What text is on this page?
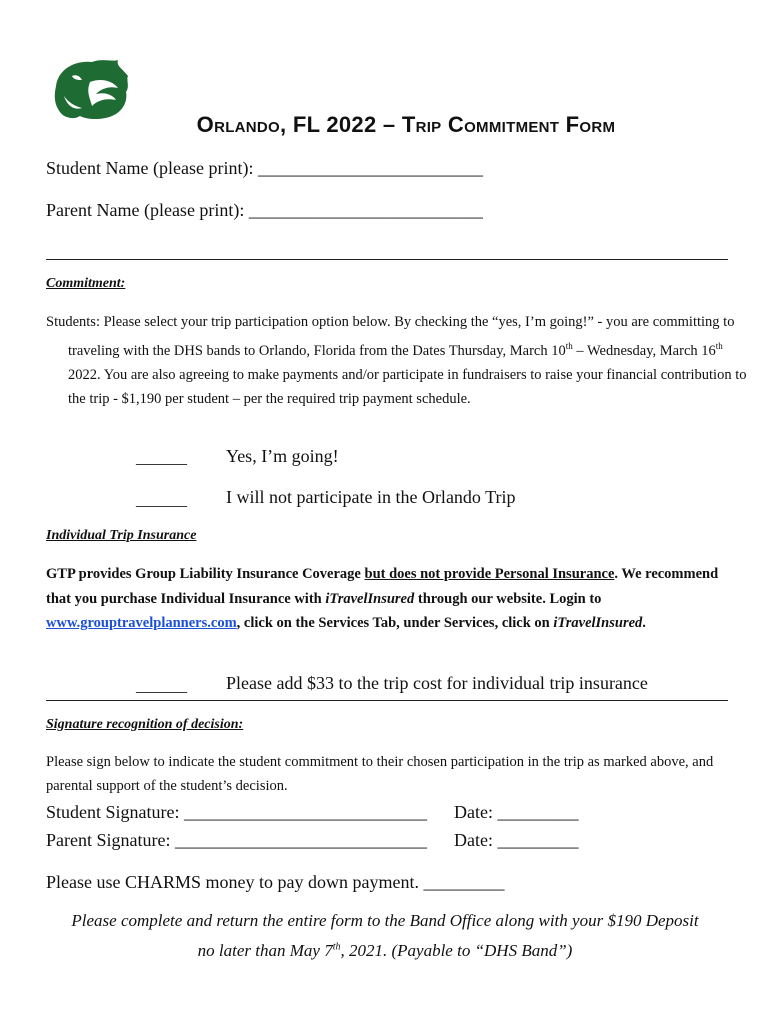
Orlando, FL 2022 – Trip Commitment Form
Student Name (please print): _________________________
Parent Name (please print): __________________________
Commitment:
Students: Please select your trip participation option below. By checking the “yes, I’m going!” - you are committing to traveling with the DHS bands to Orlando, Florida from the Dates Thursday, March 10th – Wednesday, March 16th 2022. You are also agreeing to make payments and/or participate in fundraisers to raise your financial contribution to the trip - $1,190 per student – per the required trip payment schedule.
______ Yes, I’m going!
______ I will not participate in the Orlando Trip
Individual Trip Insurance
GTP provides Group Liability Insurance Coverage but does not provide Personal Insurance. We recommend that you purchase Individual Insurance with iTravelInsured through our website. Login to www.grouptravelplanners.com, click on the Services Tab, under Services, click on iTravelInsured.
______ Please add $33 to the trip cost for individual trip insurance
Signature recognition of decision:
Please sign below to indicate the student commitment to their chosen participation in the trip as marked above, and parental support of the student’s decision.
Student Signature: ___________________________ Date: _________
Parent Signature: ____________________________ Date: _________
Please use CHARMS money to pay down payment. _________
Please complete and return the entire form to the Band Office along with your $190 Deposit
no later than May 7th, 2021. (Payable to “DHS Band”)
